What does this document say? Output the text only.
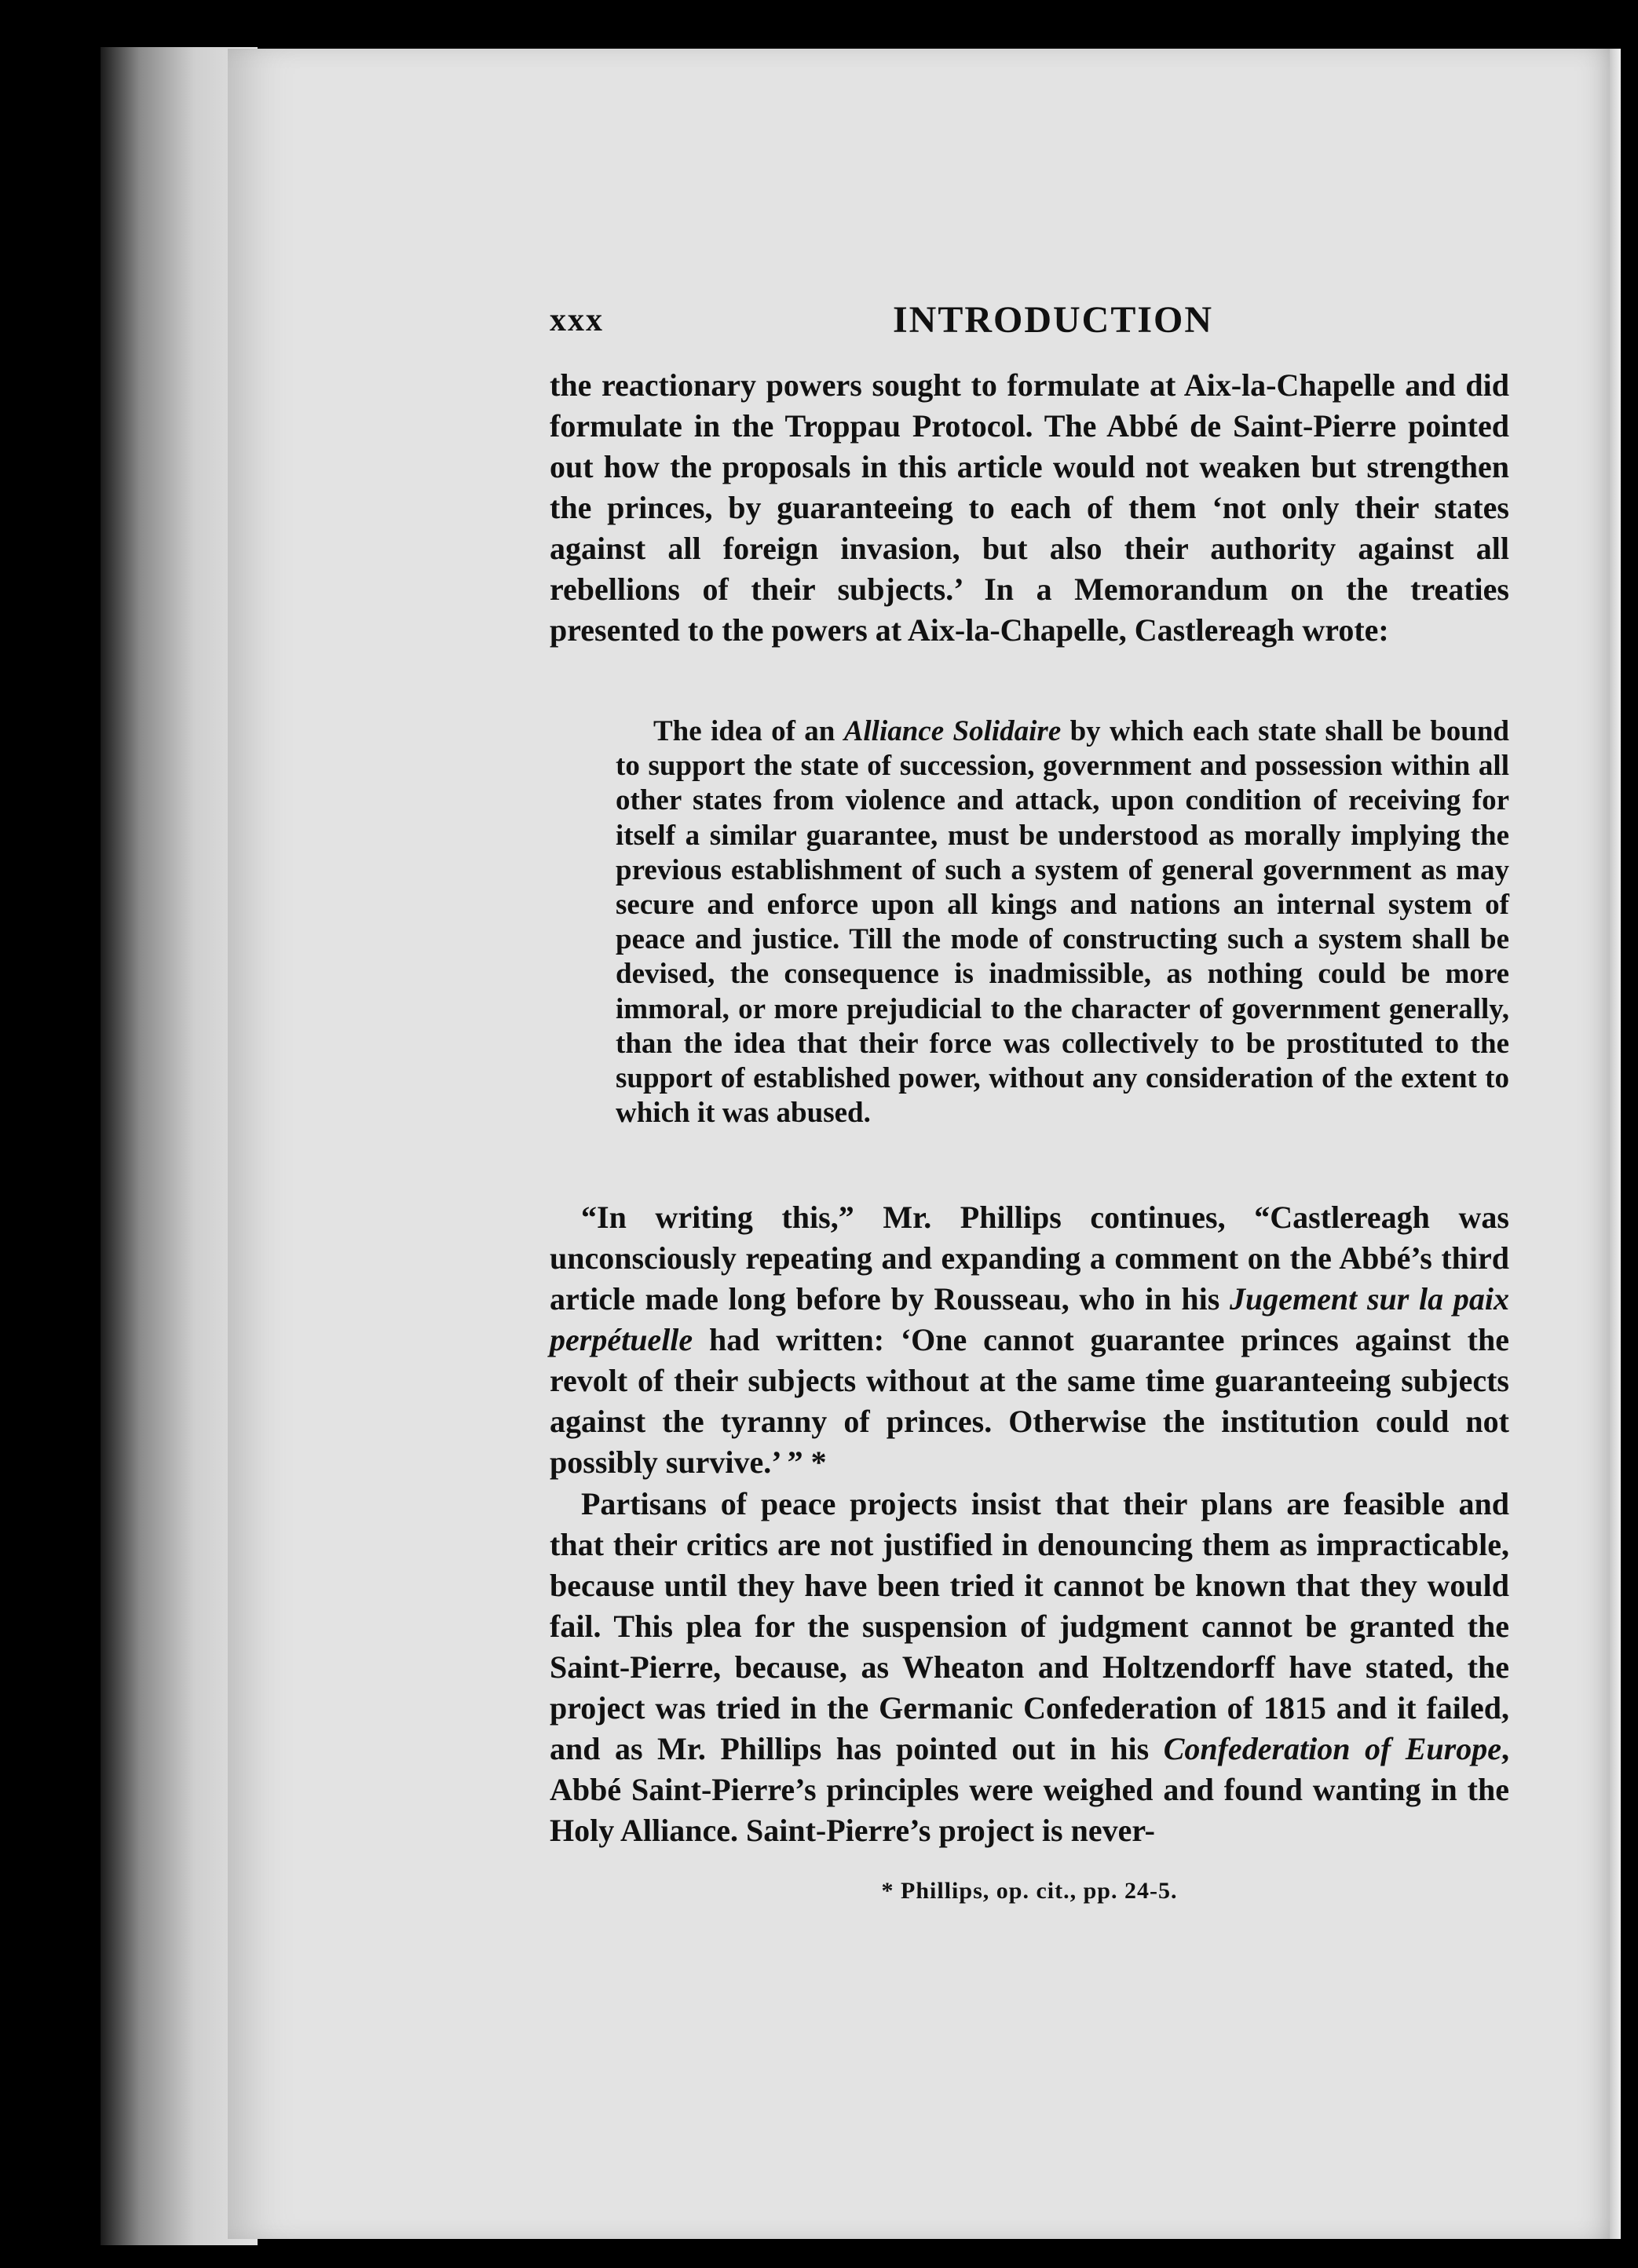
xxx	INTRODUCTION

the reactionary powers sought to formulate at Aix-la-Chapelle and did formulate in the Troppau Protocol. The Abbé de Saint-Pierre pointed out how the proposals in this article would not weaken but strengthen the princes, by guaranteeing to each of them ‘not only their states against all foreign invasion, but also their authority against all rebellions of their subjects.’ In a Memorandum on the treaties presented to the powers at Aix-la-Chapelle, Castlereagh wrote:

The idea of an Alliance Solidaire by which each state shall be bound to support the state of succession, government and possession within all other states from violence and attack, upon condition of receiving for itself a similar guarantee, must be understood as morally implying the previous establishment of such a system of general government as may secure and enforce upon all kings and nations an internal system of peace and justice. Till the mode of constructing such a system shall be devised, the consequence is inadmissible, as nothing could be more immoral, or more prejudicial to the character of government generally, than the idea that their force was collectively to be prostituted to the support of established power, without any consideration of the extent to which it was abused.

“In writing this,” Mr. Phillips continues, “Castlereagh was unconsciously repeating and expanding a comment on the Abbé’s third article made long before by Rousseau, who in his Jugement sur la paix perpétuelle had written: ‘One cannot guarantee princes against the revolt of their subjects without at the same time guaranteeing subjects against the tyranny of princes. Otherwise the institution could not possibly survive.’ ” *

Partisans of peace projects insist that their plans are feasible and that their critics are not justified in denouncing them as impracticable, because until they have been tried it cannot be known that they would fail. This plea for the suspension of judgment cannot be granted the Saint-Pierre, because, as Wheaton and Holtzendorff have stated, the project was tried in the Germanic Confederation of 1815 and it failed, and as Mr. Phillips has pointed out in his Confederation of Europe, Abbé Saint-Pierre’s principles were weighed and found wanting in the Holy Alliance. Saint-Pierre’s project is never-

* Phillips, op. cit., pp. 24-5.
